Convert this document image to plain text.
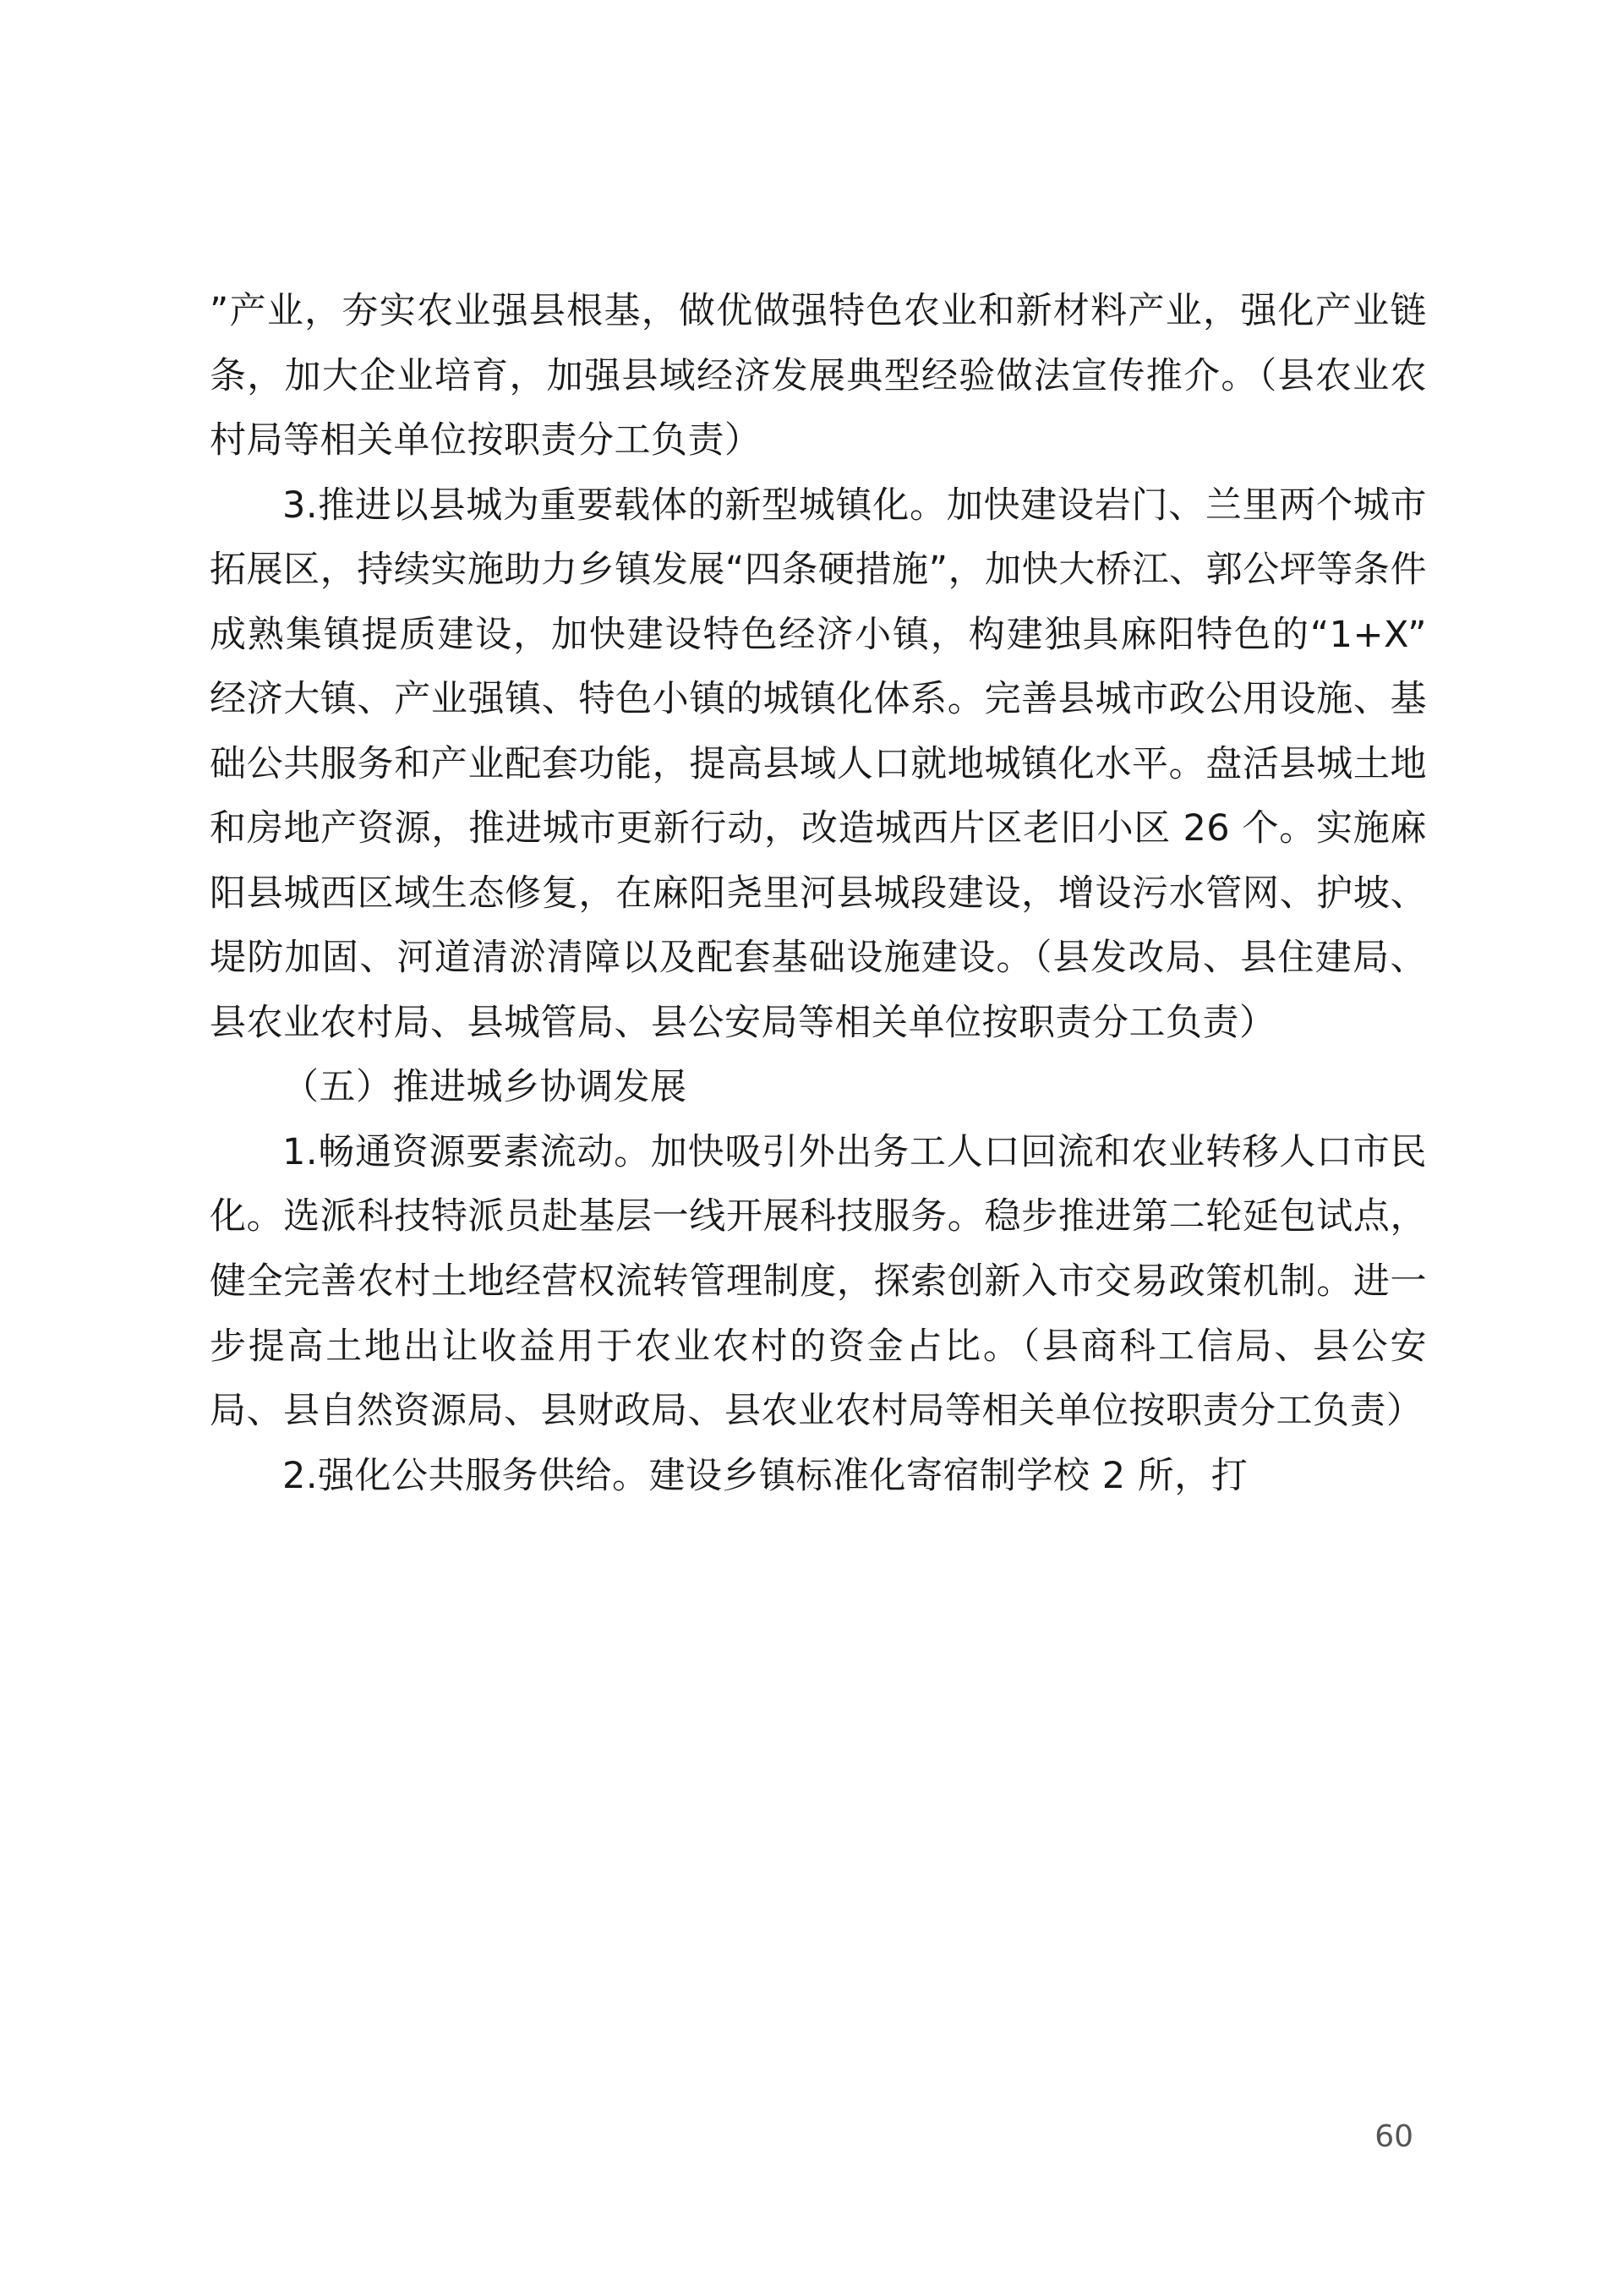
”产业，夯实农业强县根基，做优做强特色农业和新材料产业，强化产业链条，加大企业培育，加强县域经济发展典型经验做法宣传推介。（县农业农村局等相关单位按职责分工负责）

3.推进以县城为重要载体的新型城镇化。加快建设岩门、兰里两个城市拓展区，持续实施助力乡镇发展“四条硬措施”，加快大桥江、郭公坪等条件成熟集镇提质建设，加快建设特色经济小镇，构建独具麻阳特色的“1+X”经济大镇、产业强镇、特色小镇的城镇化体系。完善县城市政公用设施、基础公共服务和产业配套功能，提高县域人口就地城镇化水平。盘活县城土地和房地产资源，推进城市更新行动，改造城西片区老旧小区 26 个。实施麻阳县城西区域生态修复，在麻阳尧里河县城段建设，增设污水管网、护坡、堤防加固、河道清淤清障以及配套基础设施建设。（县发改局、县住建局、县农业农村局、县城管局、县公安局等相关单位按职责分工负责）

（五）推进城乡协调发展

1.畅通资源要素流动。加快吸引外出务工人口回流和农业转移人口市民化。选派科技特派员赴基层一线开展科技服务。稳步推进第二轮延包试点，健全完善农村土地经营权流转管理制度，探索创新入市交易政策机制。进一步提高土地出让收益用于农业农村的资金占比。（县商科工信局、县公安局、县自然资源局、县财政局、县农业农村局等相关单位按职责分工负责）

2.强化公共服务供给。建设乡镇标准化寄宿制学校 2 所，打

60
